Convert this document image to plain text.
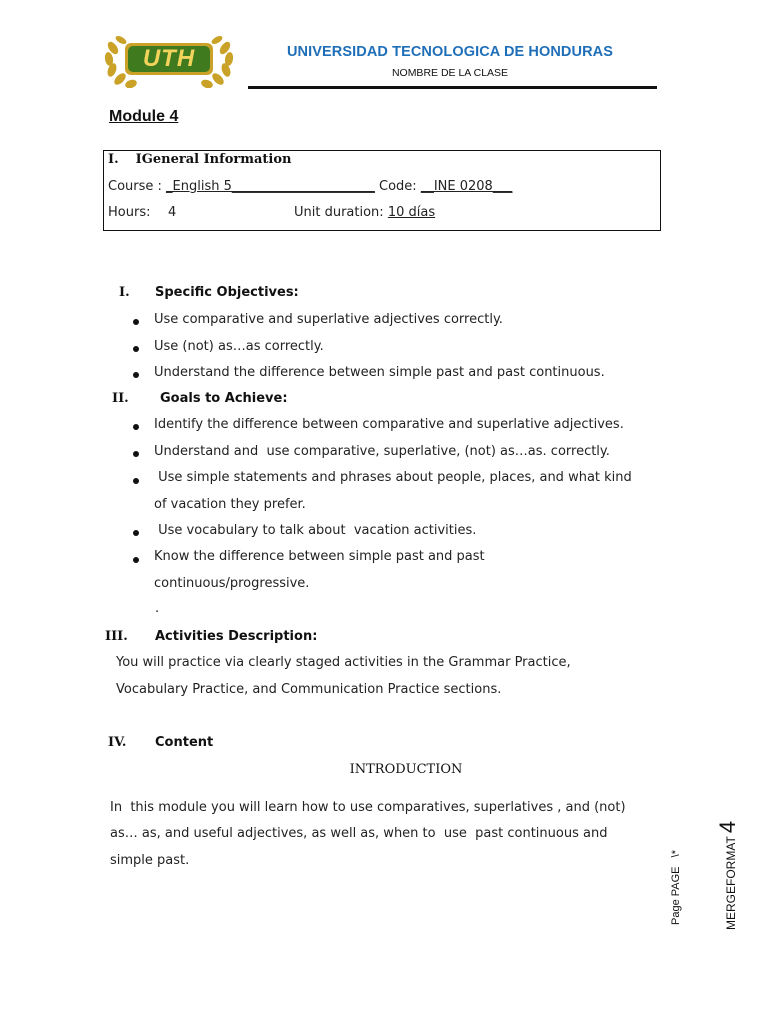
UTH	UNIVERSIDAD TECNOLOGICA DE HONDURAS
NOMBRE DE LA CLASE
Module 4
I. IGeneral Information
Course : _English 5______________________ Code: __INE 0208___
Hours: 4	Unit duration: 10 días
I. Specific Objectives:
Use comparative and superlative adjectives correctly.
Use (not) as…as correctly.
Understand the difference between simple past and past continuous.
II. Goals to Achieve:
Identify the difference between comparative and superlative adjectives.
Understand and  use comparative, superlative, (not) as…as. correctly.
Use simple statements and phrases about people, places, and what kind
of vacation they prefer.
Use vocabulary to talk about  vacation activities.
Know the difference between simple past and past
continuous/progressive.
.
III. Activities Description:
You will practice via clearly staged activities in the Grammar Practice,
Vocabulary Practice, and Communication Practice sections.
IV. Content
INTRODUCTION
In  this module you will learn how to use comparatives, superlatives , and (not)
as… as, and useful adjectives, as well as, when to  use  past continuous and
simple past.	Page PAGE   \*	MERGEFORMAT 4
